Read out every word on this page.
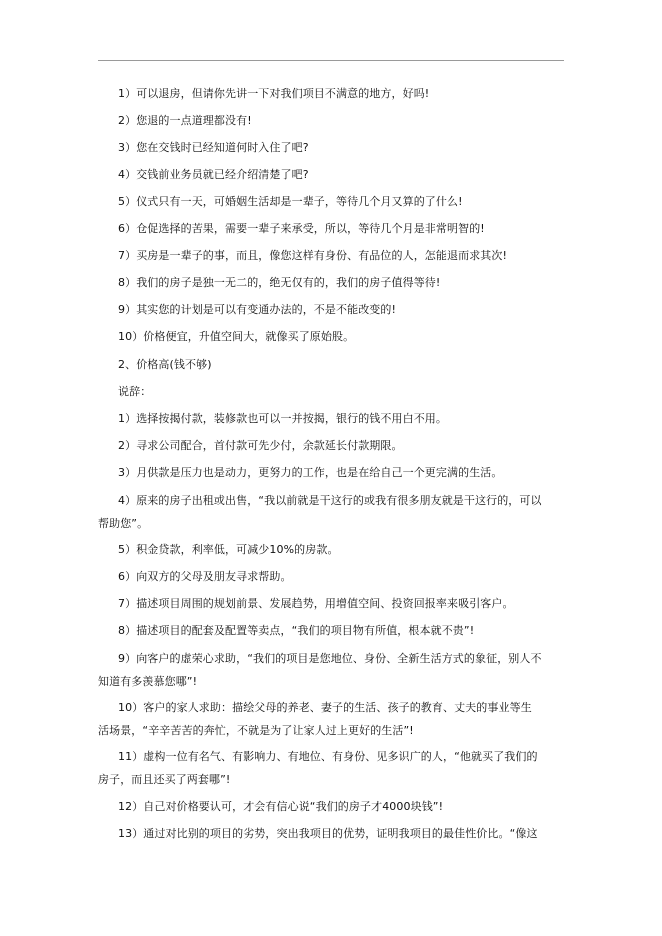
1）可以退房，但请你先讲一下对我们项目不满意的地方，好吗!
2）您退的一点道理都没有!
3）您在交钱时已经知道何时入住了吧?
4）交钱前业务员就已经介绍清楚了吧?
5）仪式只有一天，可婚姻生活却是一辈子，等待几个月又算的了什么!
6）仓促选择的苦果，需要一辈子来承受，所以，等待几个月是非常明智的!
7）买房是一辈子的事，而且，像您这样有身份、有品位的人，怎能退而求其次!
8）我们的房子是独一无二的，绝无仅有的，我们的房子值得等待!
9）其实您的计划是可以有变通办法的，不是不能改变的!
10）价格便宜，升值空间大，就像买了原始股。
2、价格高(钱不够)
说辞：
1）选择按揭付款，装修款也可以一并按揭，银行的钱不用白不用。
2）寻求公司配合，首付款可先少付，余款延长付款期限。
3）月供款是压力也是动力，更努力的工作，也是在给自己一个更完满的生活。
4）原来的房子出租或出售，“我以前就是干这行的或我有很多朋友就是干这行的，可以
帮助您”。
5）积金贷款，利率低，可减少10%的房款。
6）向双方的父母及朋友寻求帮助。
7）描述项目周围的规划前景、发展趋势，用增值空间、投资回报率来吸引客户。
8）描述项目的配套及配置等卖点，“我们的项目物有所值，根本就不贵”!
9）向客户的虚荣心求助，“我们的项目是您地位、身份、全新生活方式的象征，别人不
知道有多羡慕您哪”!
10）客户的家人求助：描绘父母的养老、妻子的生活、孩子的教育、丈夫的事业等生
活场景，“辛辛苦苦的奔忙，不就是为了让家人过上更好的生活”!
11）虚构一位有名气、有影响力、有地位、有身份、见多识广的人，“他就买了我们的
房子，而且还买了两套哪”!
12）自己对价格要认可，才会有信心说“我们的房子才4000块钱”!
13）通过对比别的项目的劣势，突出我项目的优势，证明我项目的最佳性价比。“像这
